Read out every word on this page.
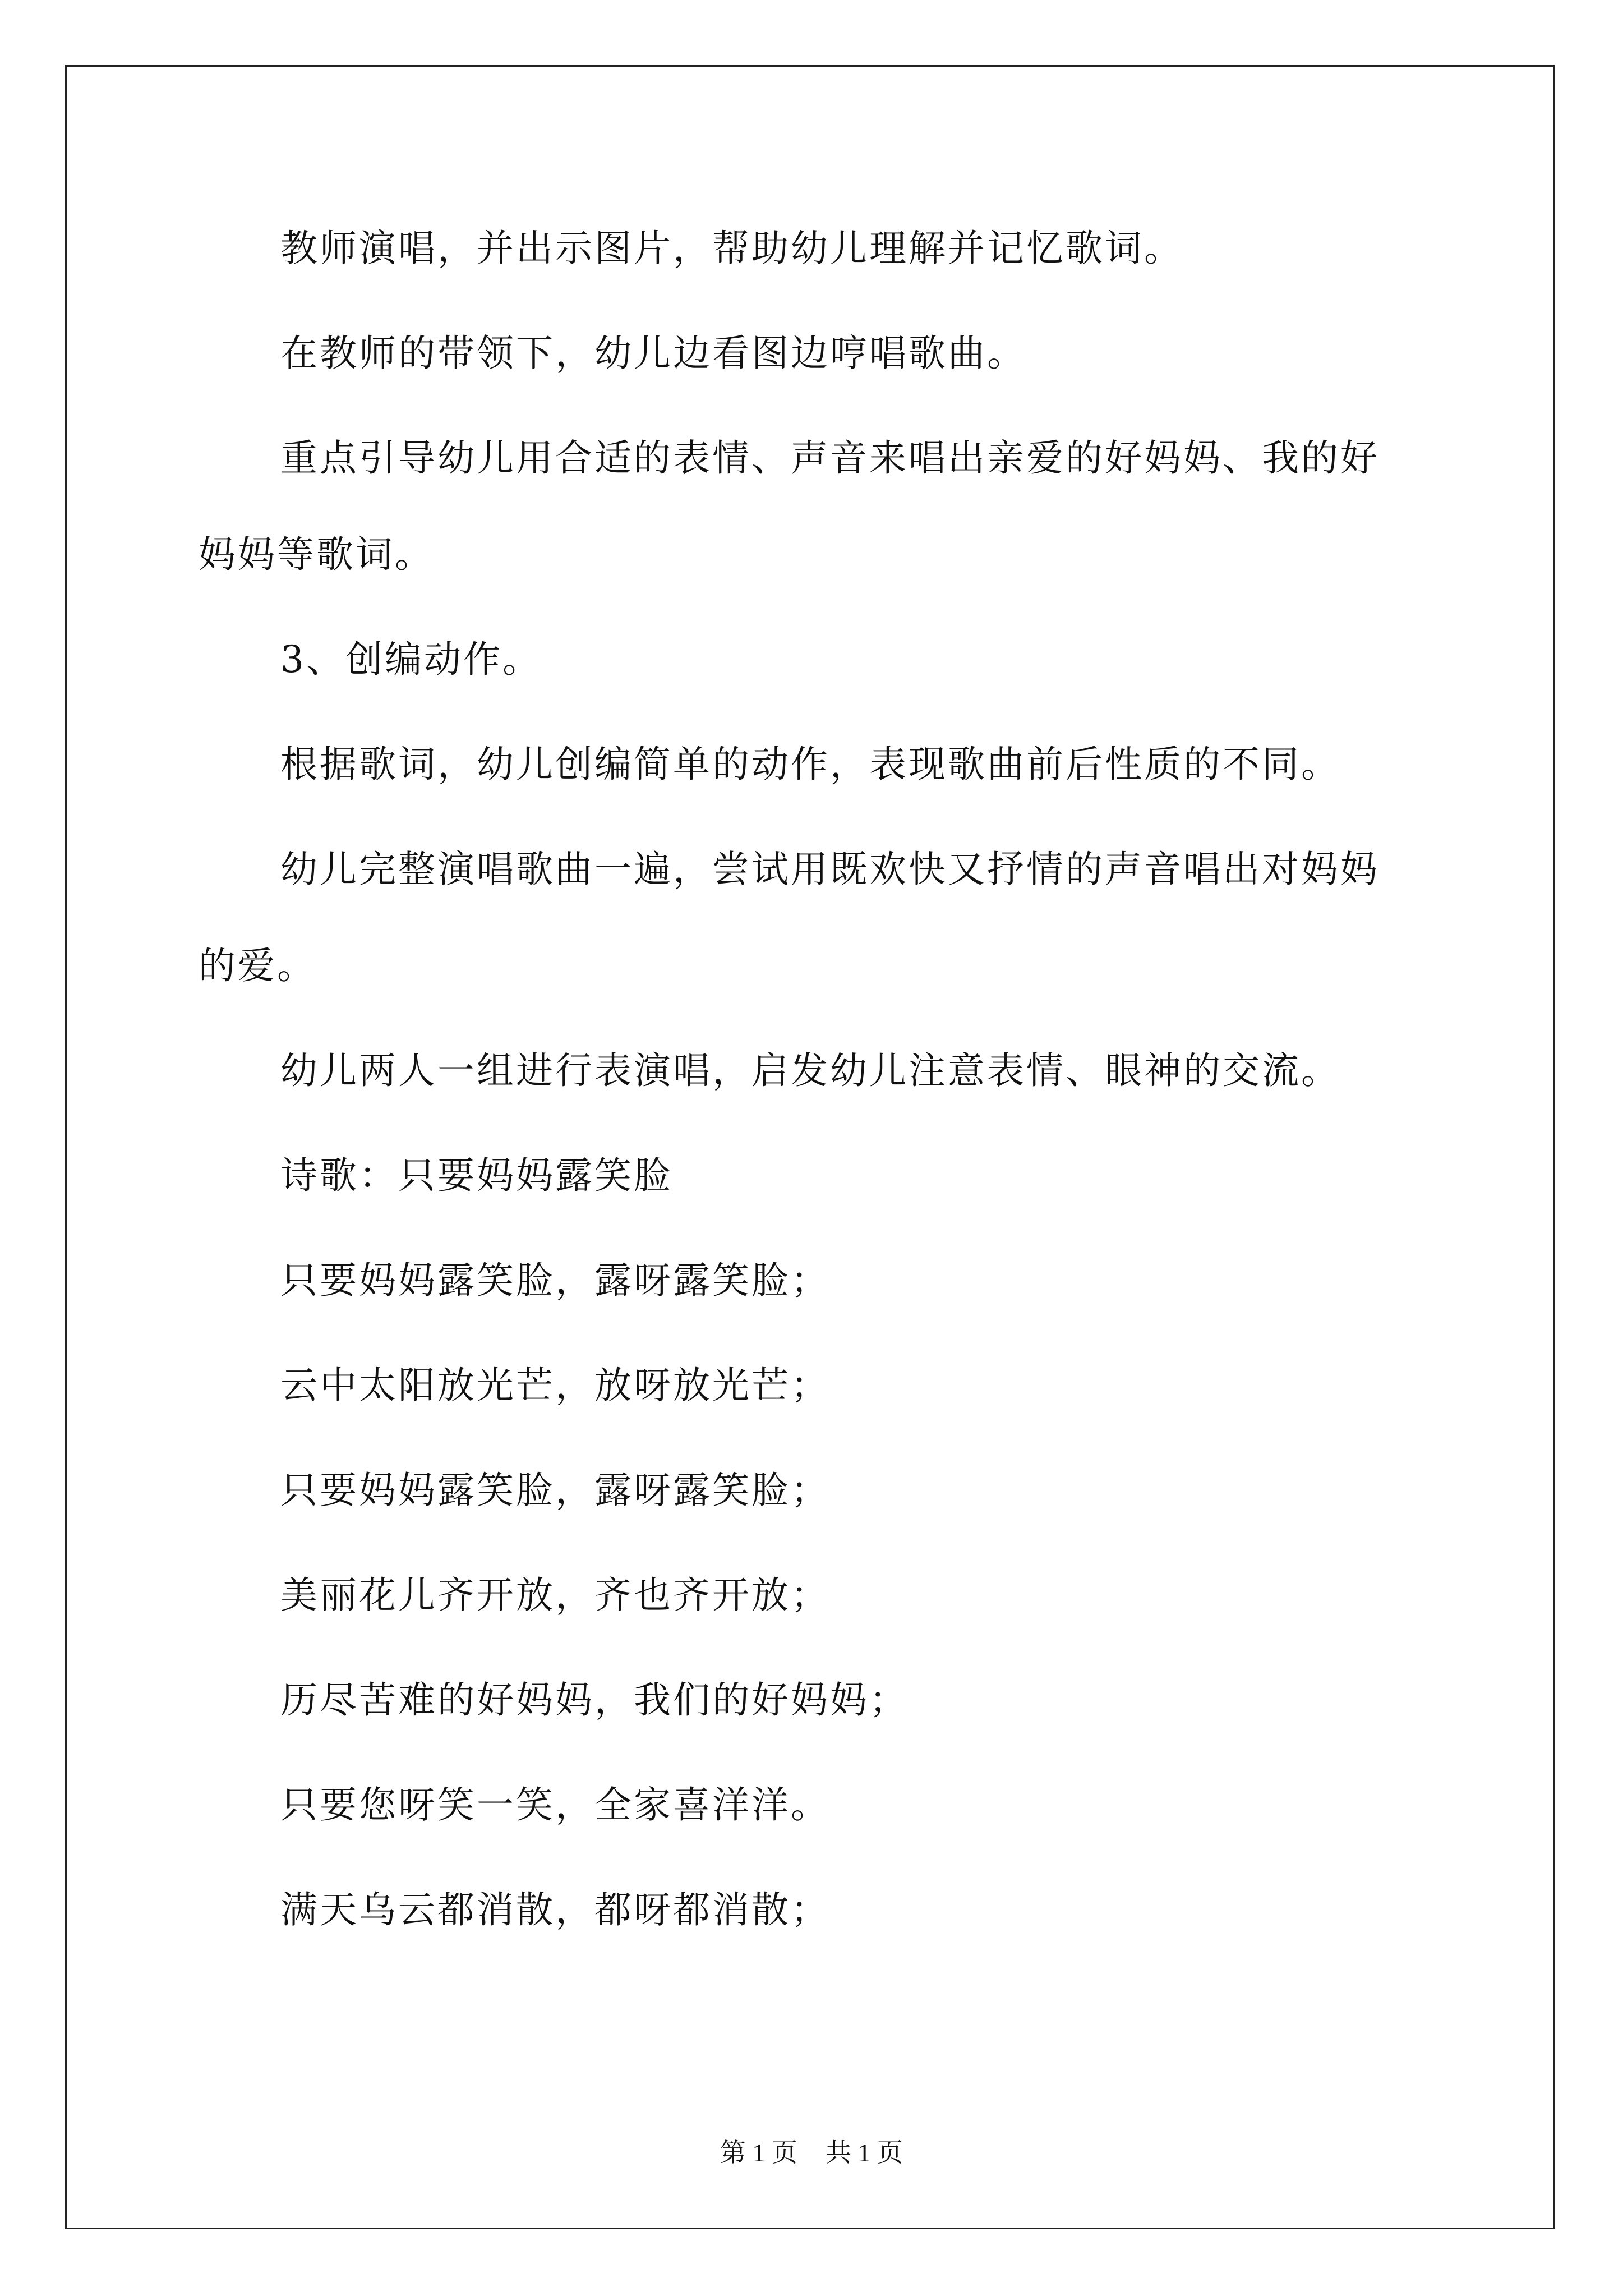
教师演唱，并出示图片，帮助幼儿理解并记忆歌词。

在教师的带领下，幼儿边看图边哼唱歌曲。

重点引导幼儿用合适的表情、声音来唱出亲爱的好妈妈、我的好

妈妈等歌词。

3、创编动作。

根据歌词，幼儿创编简单的动作，表现歌曲前后性质的不同。

幼儿完整演唱歌曲一遍，尝试用既欢快又抒情的声音唱出对妈妈

的爱。

幼儿两人一组进行表演唱，启发幼儿注意表情、眼神的交流。

诗歌：只要妈妈露笑脸

只要妈妈露笑脸，露呀露笑脸；

云中太阳放光芒，放呀放光芒；

只要妈妈露笑脸，露呀露笑脸；

美丽花儿齐开放，齐也齐开放；

历尽苦难的好妈妈，我们的好妈妈；

只要您呀笑一笑，全家喜洋洋。

满天乌云都消散，都呀都消散；

第 1 页 共 1 页
